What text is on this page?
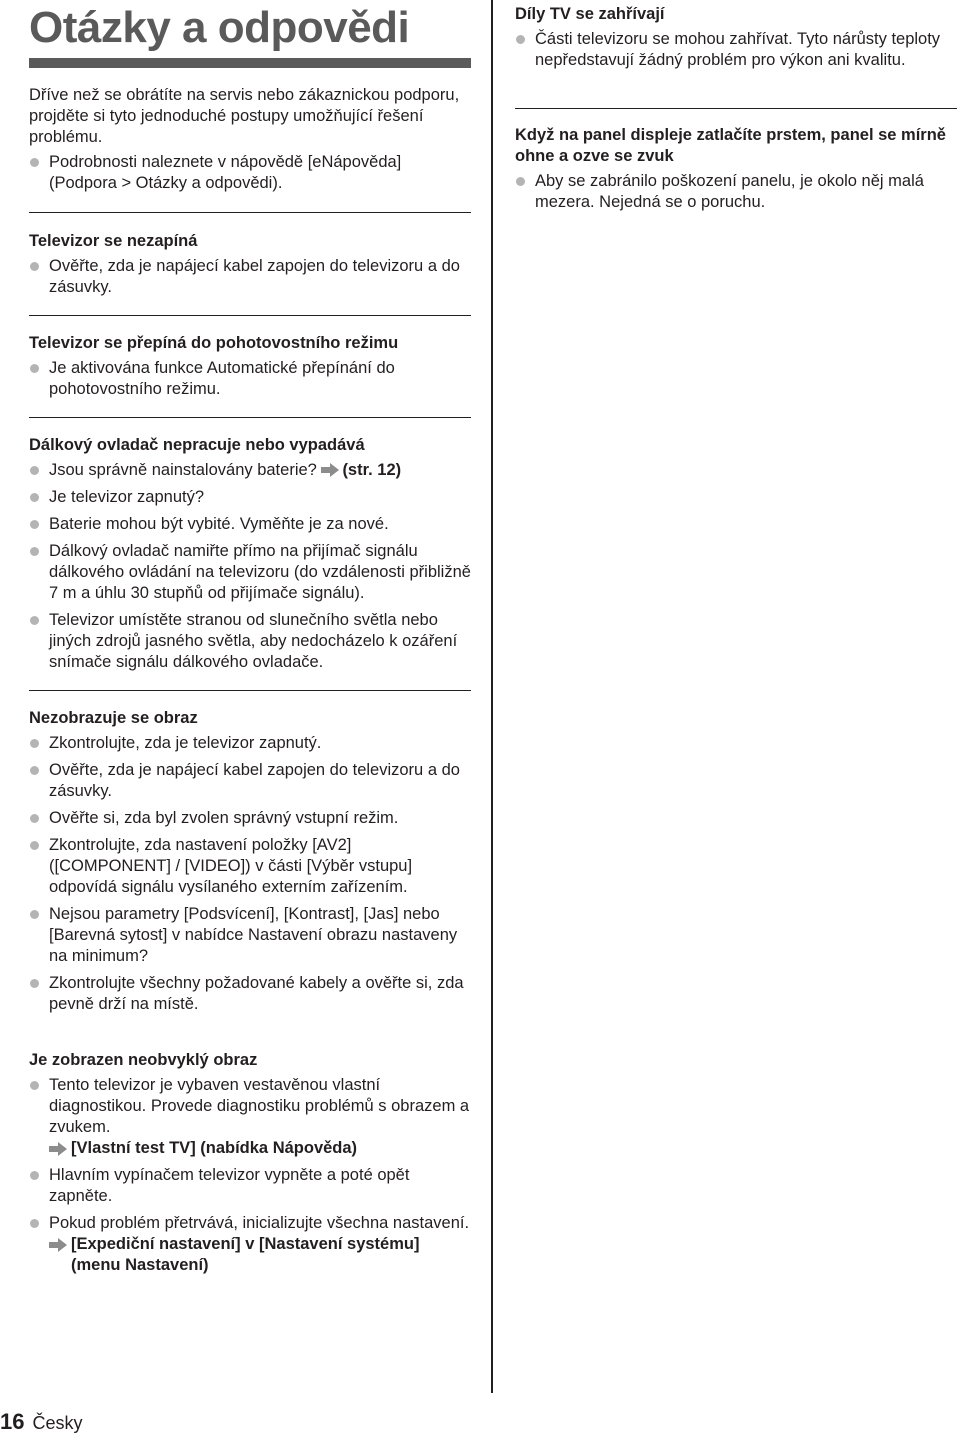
Otázky a odpovědi
Dříve než se obrátíte na servis nebo zákaznickou podporu, projděte si tyto jednoduché postupy umožňující řešení problému.
Podrobnosti naleznete v nápovědě [eNápověda] (Podpora > Otázky a odpovědi).
Televizor se nezapíná
Ověřte, zda je napájecí kabel zapojen do televizoru a do zásuvky.
Televizor se přepíná do pohotovostního režimu
Je aktivována funkce Automatické přepínání do pohotovostního režimu.
Dálkový ovladač nepracuje nebo vypadává
Jsou správně nainstalovány baterie? (str. 12)
Je televizor zapnutý?
Baterie mohou být vybité. Vyměňte je za nové.
Dálkový ovladač namiřte přímo na přijímač signálu dálkového ovládání na televizoru (do vzdálenosti přibližně 7 m a úhlu 30 stupňů od přijímače signálu).
Televizor umístěte stranou od slunečního světla nebo jiných zdrojů jasného světla, aby nedocházelo k ozáření snímače signálu dálkového ovladače.
Nezobrazuje se obraz
Zkontrolujte, zda je televizor zapnutý.
Ověřte, zda je napájecí kabel zapojen do televizoru a do zásuvky.
Ověřte si, zda byl zvolen správný vstupní režim.
Zkontrolujte, zda nastavení položky [AV2] ([COMPONENT] / [VIDEO]) v části [Výběr vstupu] odpovídá signálu vysílaného externím zařízením.
Nejsou parametry [Podsvícení], [Kontrast], [Jas] nebo [Barevná sytost] v nabídce Nastavení obrazu nastaveny na minimum?
Zkontrolujte všechny požadované kabely a ověřte si, zda pevně drží na místě.
Je zobrazen neobvyklý obraz
Tento televizor je vybaven vestavěnou vlastní diagnostikou. Provede diagnostiku problémů s obrazem a zvukem.
[Vlastní test TV] (nabídka Nápověda)
Hlavním vypínačem televizor vypněte a poté opět zapněte.
Pokud problém přetrvává, inicializujte všechna nastavení.
[Expediční nastavení] v [Nastavení systému] (menu Nastavení)
Díly TV se zahřívají
Části televizoru se mohou zahřívat. Tyto nárůsty teploty nepředstavují žádný problém pro výkon ani kvalitu.
Když na panel displeje zatlačíte prstem, panel se mírně ohne a ozve se zvuk
Aby se zabránilo poškození panelu, je okolo něj malá mezera. Nejedná se o poruchu.
16 Česky
